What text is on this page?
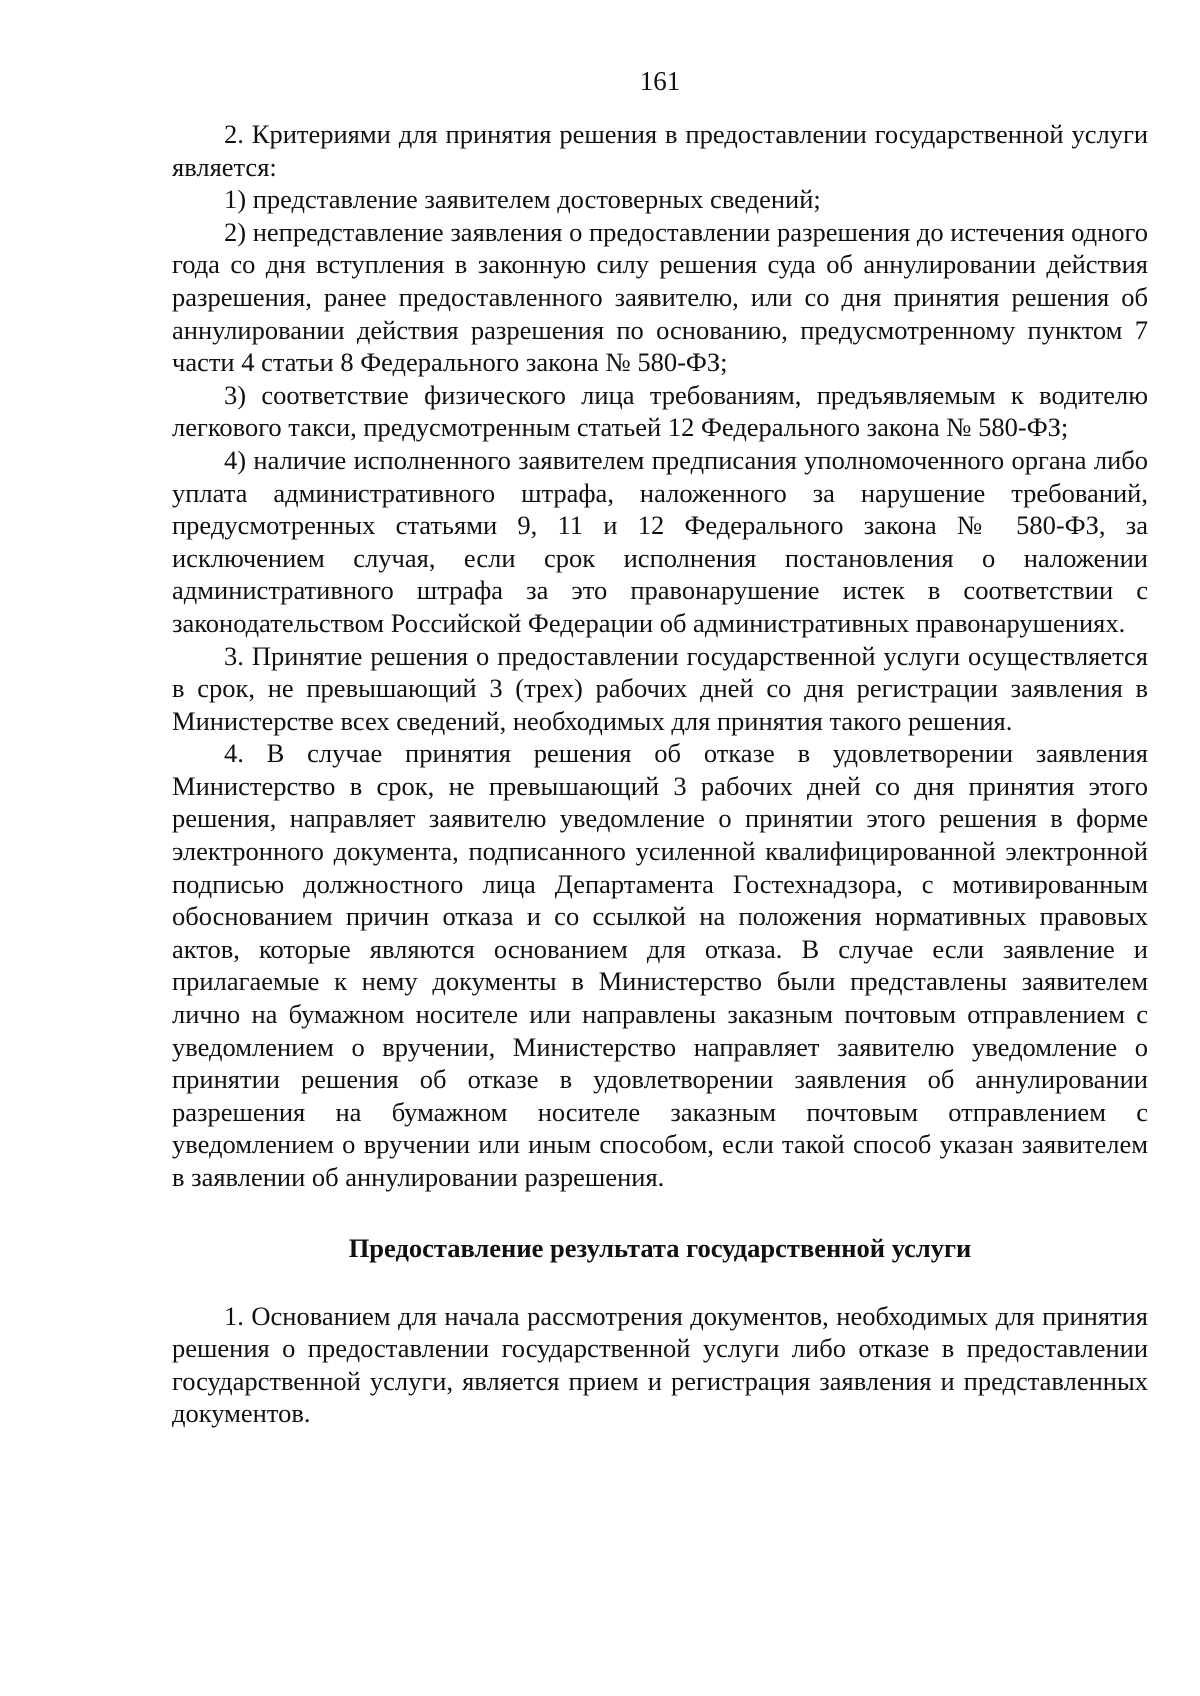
161

2. Критериями для принятия решения в предоставлении государственной услуги является:

1) представление заявителем достоверных сведений;

2) непредставление заявления о предоставлении разрешения до истечения одного года со дня вступления в законную силу решения суда об аннулировании действия разрешения, ранее предоставленного заявителю, или со дня принятия решения об аннулировании действия разрешения по основанию, предусмотренному пунктом 7 части 4 статьи 8 Федерального закона № 580-ФЗ;

3) соответствие физического лица требованиям, предъявляемым к водителю легкового такси, предусмотренным статьей 12 Федерального закона № 580-ФЗ;

4) наличие исполненного заявителем предписания уполномоченного органа либо уплата административного штрафа, наложенного за нарушение требований, предусмотренных статьями 9, 11 и 12 Федерального закона № 580-ФЗ, за исключением случая, если срок исполнения постановления о наложении административного штрафа за это правонарушение истек в соответствии с законодательством Российской Федерации об административных правонарушениях.

3. Принятие решения о предоставлении государственной услуги осуществляется в срок, не превышающий 3 (трех) рабочих дней со дня регистрации заявления в Министерстве всех сведений, необходимых для принятия такого решения.

4. В случае принятия решения об отказе в удовлетворении заявления Министерство в срок, не превышающий 3 рабочих дней со дня принятия этого решения, направляет заявителю уведомление о принятии этого решения в форме электронного документа, подписанного усиленной квалифицированной электронной подписью должностного лица Департамента Гостехнадзора, с мотивированным обоснованием причин отказа и со ссылкой на положения нормативных правовых актов, которые являются основанием для отказа. В случае если заявление и прилагаемые к нему документы в Министерство были представлены заявителем лично на бумажном носителе или направлены заказным почтовым отправлением с уведомлением о вручении, Министерство направляет заявителю уведомление о принятии решения об отказе в удовлетворении заявления об аннулировании разрешения на бумажном носителе заказным почтовым отправлением с уведомлением о вручении или иным способом, если такой способ указан заявителем в заявлении об аннулировании разрешения.

Предоставление результата государственной услуги

1. Основанием для начала рассмотрения документов, необходимых для принятия решения о предоставлении государственной услуги либо отказе в предоставлении государственной услуги, является прием и регистрация заявления и представленных документов.
